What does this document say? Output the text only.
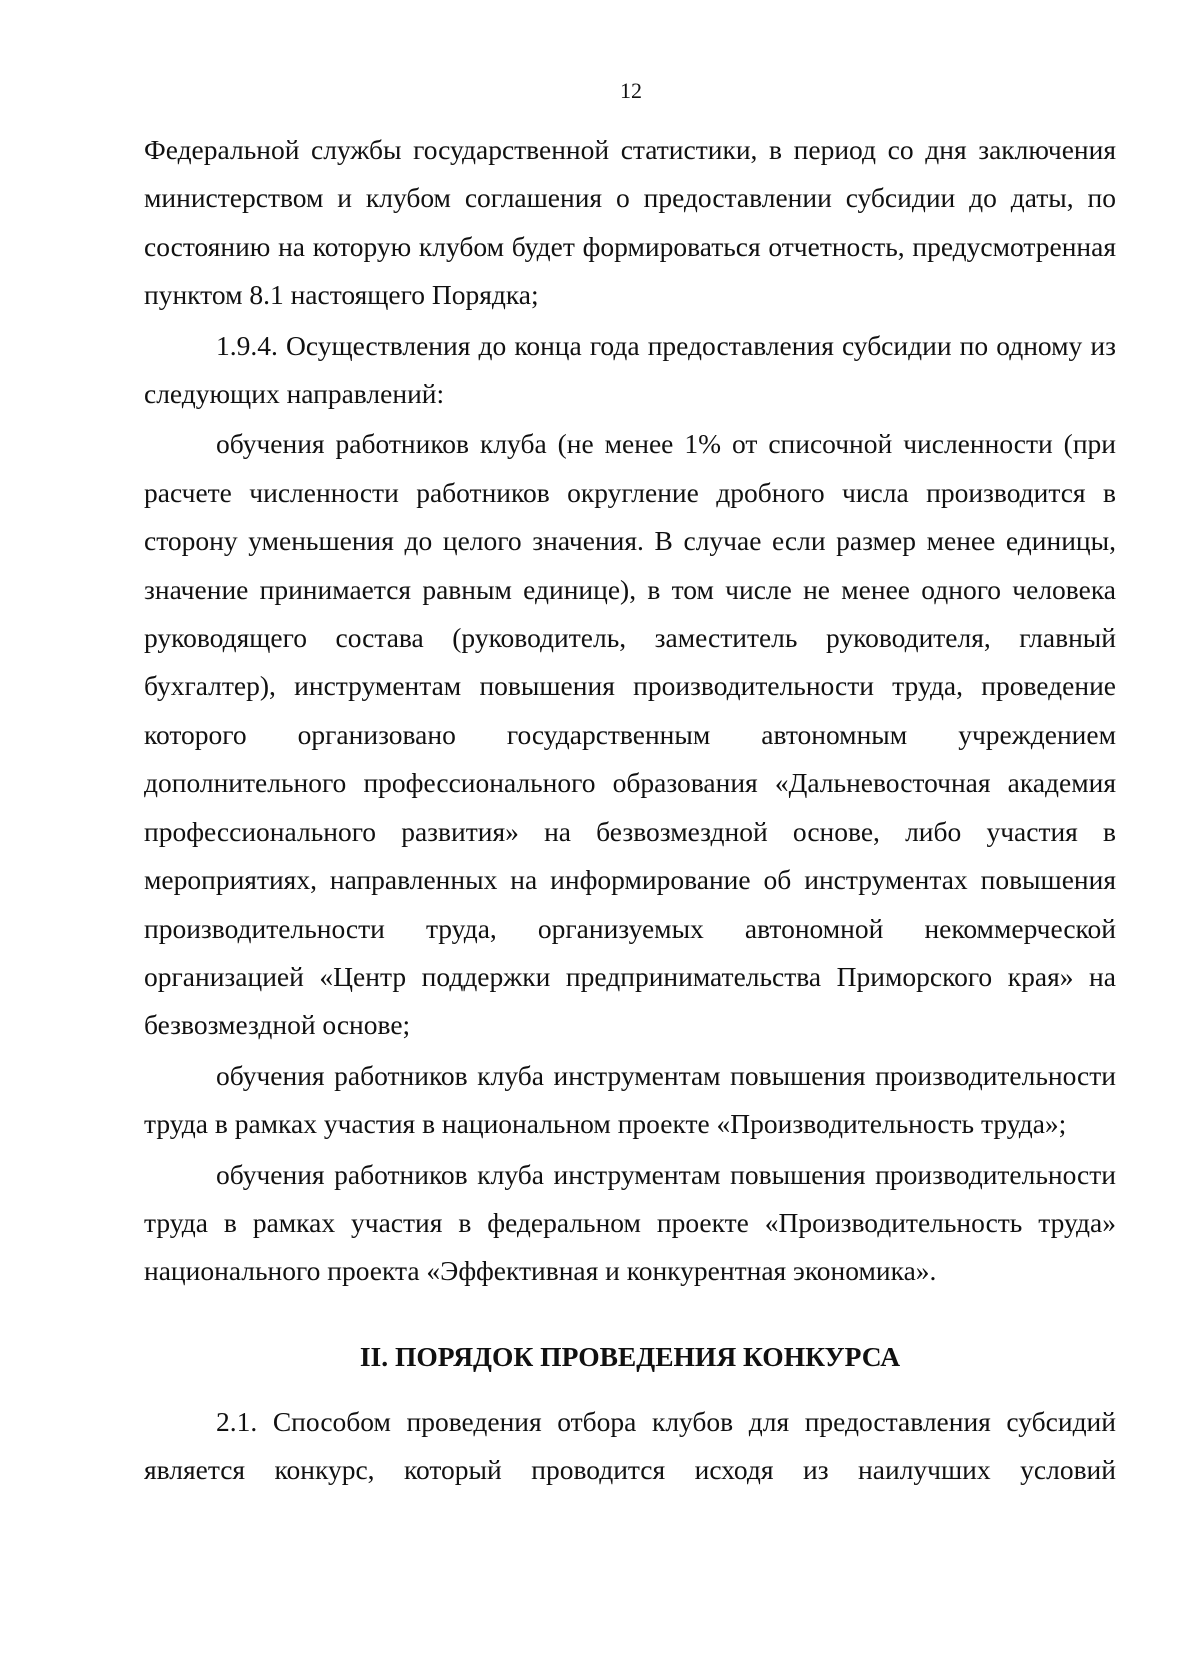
12

Федеральной службы государственной статистики, в период со дня заключения министерством и клубом соглашения о предоставлении субсидии до даты, по состоянию на которую клубом будет формироваться отчетность, предусмотренная пунктом 8.1 настоящего Порядка;

1.9.4. Осуществления до конца года предоставления субсидии по одному из следующих направлений:

обучения работников клуба (не менее 1% от списочной численности (при расчете численности работников округление дробного числа производится в сторону уменьшения до целого значения. В случае если размер менее единицы, значение принимается равным единице), в том числе не менее одного человека руководящего состава (руководитель, заместитель руководителя, главный бухгалтер), инструментам повышения производительности труда, проведение которого организовано государственным автономным учреждением дополнительного профессионального образования «Дальневосточная академия профессионального развития» на безвозмездной основе, либо участия в мероприятиях, направленных на информирование об инструментах повышения производительности труда, организуемых автономной некоммерческой организацией «Центр поддержки предпринимательства Приморского края» на безвозмездной основе;

обучения работников клуба инструментам повышения производительности труда в рамках участия в национальном проекте «Производительность труда»;

обучения работников клуба инструментам повышения производительности труда в рамках участия в федеральном проекте «Производительность труда» национального проекта «Эффективная и конкурентная экономика».

II. ПОРЯДОК ПРОВЕДЕНИЯ КОНКУРСА

2.1. Способом проведения отбора клубов для предоставления субсидий является конкурс, который проводится исходя из наилучших условий
